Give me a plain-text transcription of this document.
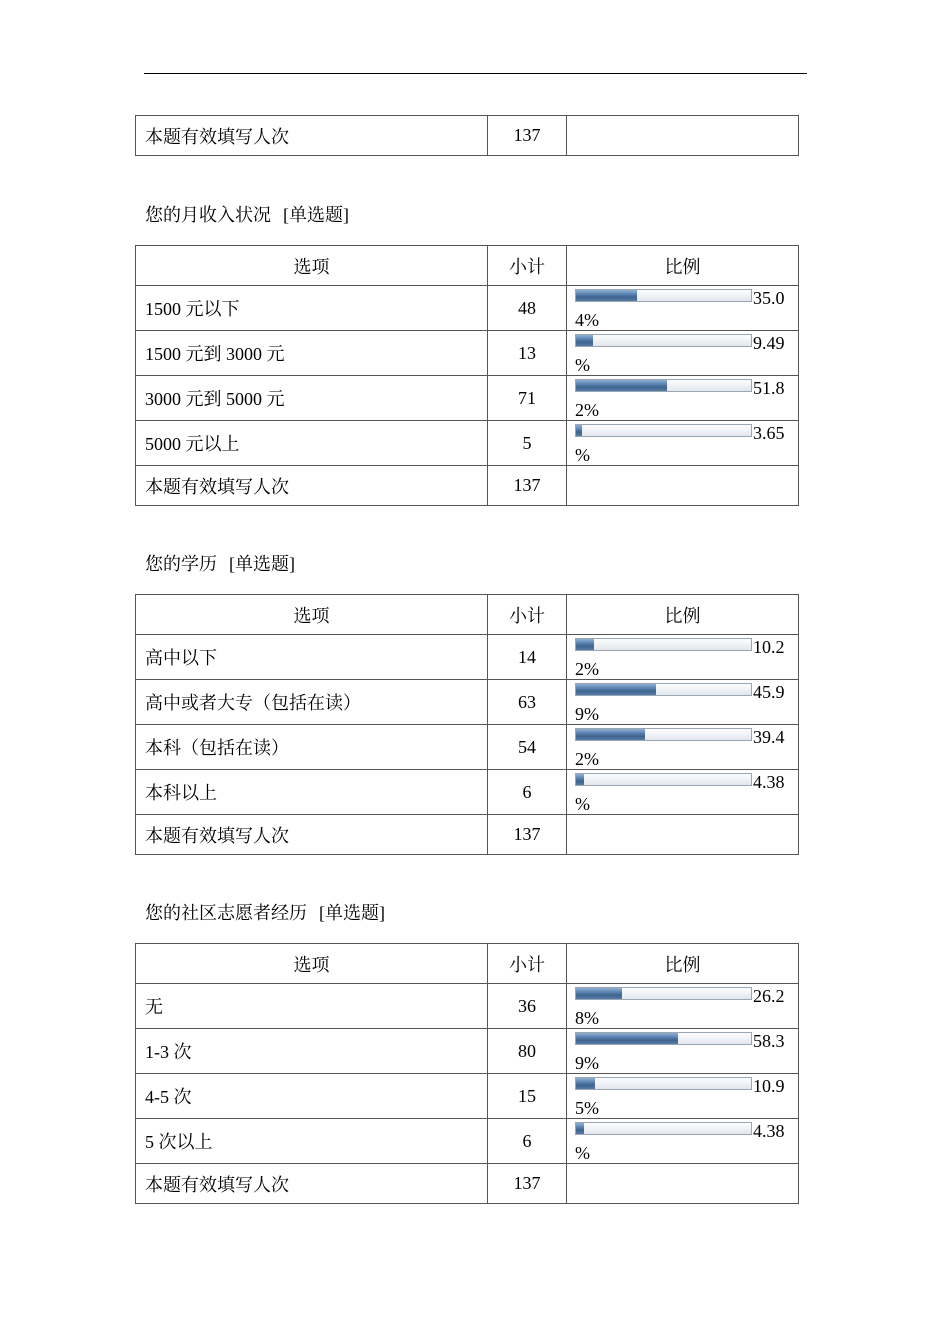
本题有效填写人次	137	
您的月收入状况 [单选题]
选项	小计	比例
1500 元以下	48	35.0
4%

1500 元到 3000 元	13	9.49
%

3000 元到 5000 元	71	51.8
2%

5000 元以上	5	3.65
%

本题有效填写人次	137	
您的学历 [单选题]
选项	小计	比例
高中以下	14	10.2
2%

高中或者大专（包括在读）	63	45.9
9%

本科（包括在读）	54	39.4
2%

本科以上	6	4.38
%

本题有效填写人次	137	
您的社区志愿者经历 [单选题]
选项	小计	比例
无	36	26.2
8%

1-3 次	80	58.3
9%

4-5 次	15	10.9
5%

5 次以上	6	4.38
%

本题有效填写人次	137	
